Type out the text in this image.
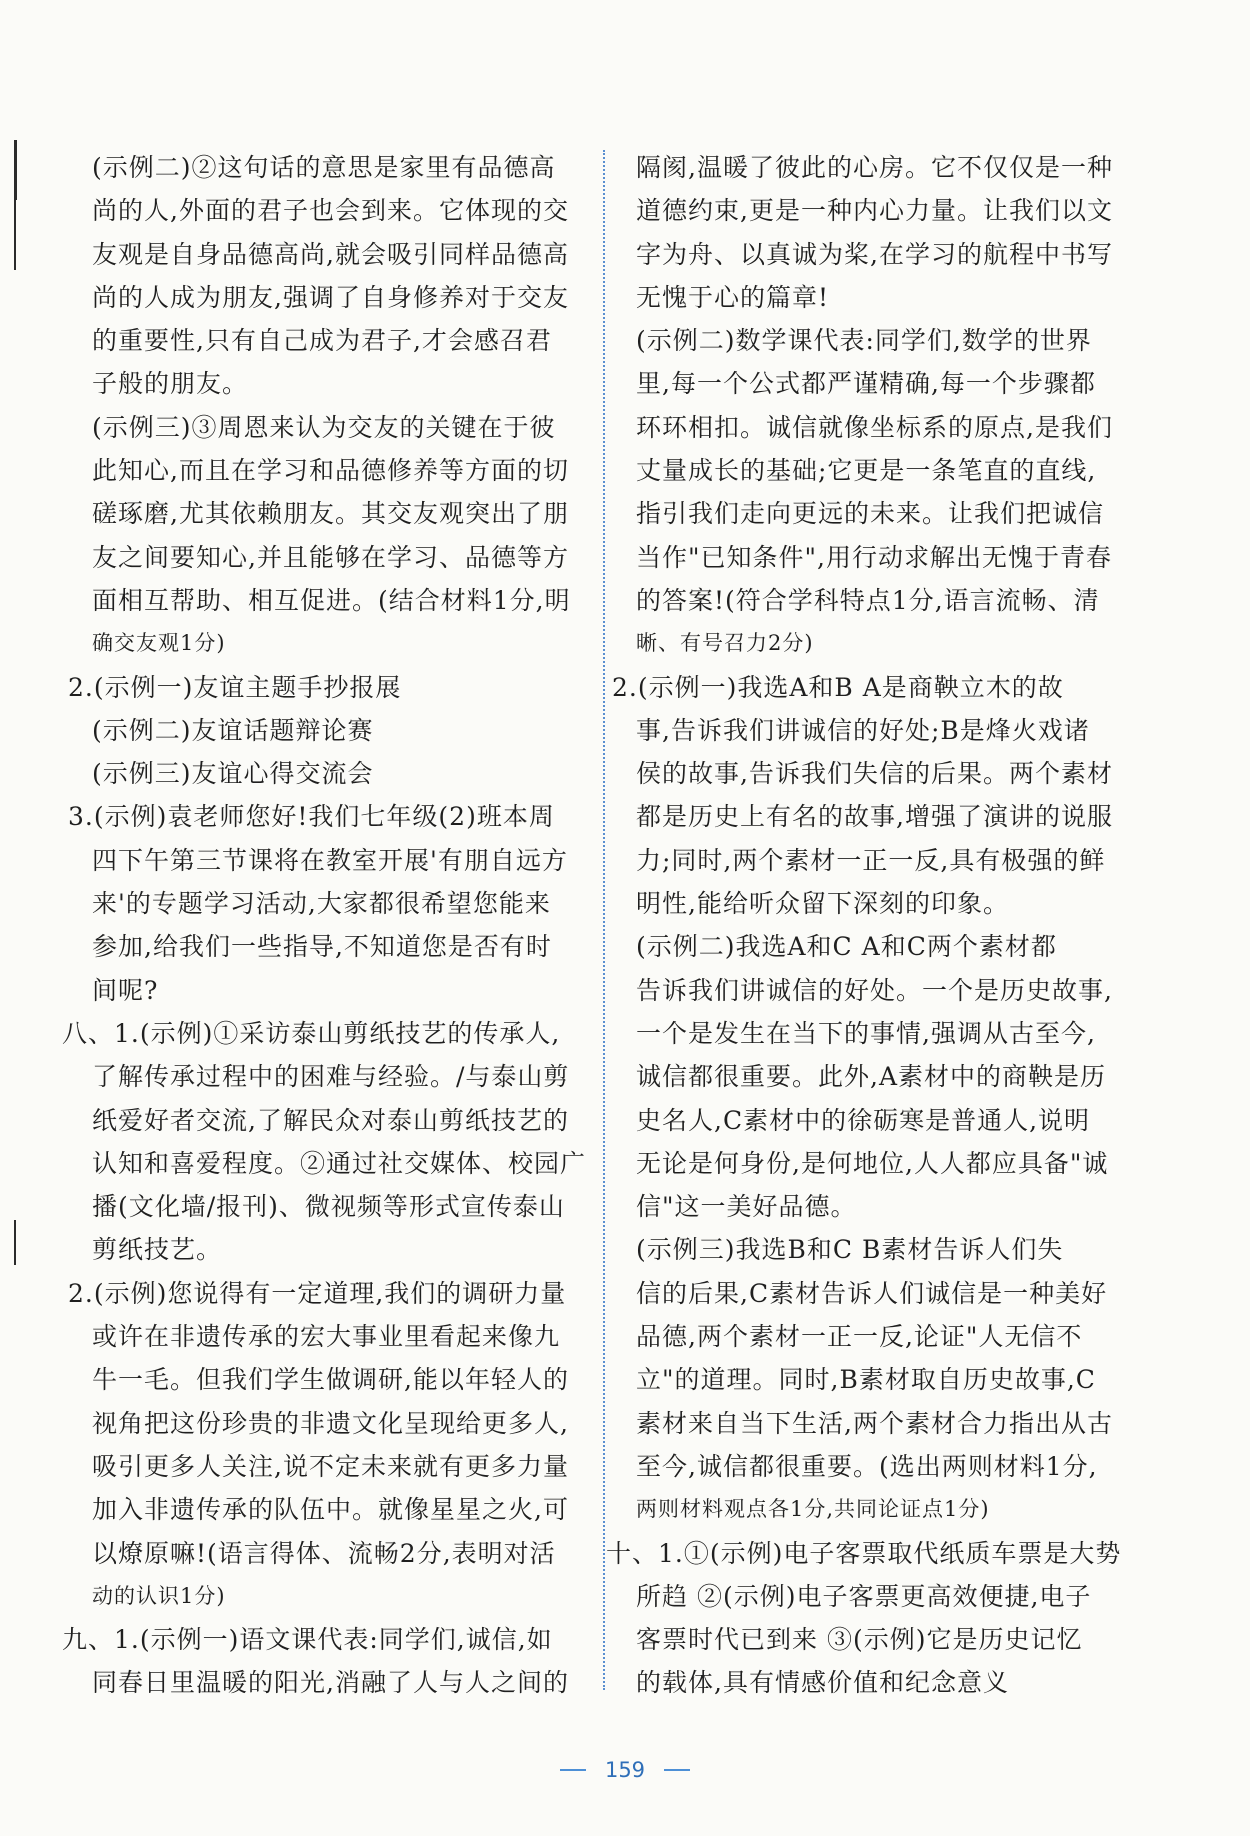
(示例二)②这句话的意思是家里有品德高
尚的人,外面的君子也会到来。它体现的交
友观是自身品德高尚,就会吸引同样品德高
尚的人成为朋友,强调了自身修养对于交友
的重要性,只有自己成为君子,才会感召君
子般的朋友。
(示例三)③周恩来认为交友的关键在于彼
此知心,而且在学习和品德修养等方面的切
磋琢磨,尤其依赖朋友。其交友观突出了朋
友之间要知心,并且能够在学习、品德等方
面相互帮助、相互促进。(结合材料1分,明
确交友观1分)
2.(示例一)友谊主题手抄报展
(示例二)友谊话题辩论赛
(示例三)友谊心得交流会
3.(示例)袁老师您好!我们七年级(2)班本周
四下午第三节课将在教室开展'有朋自远方
来'的专题学习活动,大家都很希望您能来
参加,给我们一些指导,不知道您是否有时
间呢?
八、1.(示例)①采访泰山剪纸技艺的传承人,
了解传承过程中的困难与经验。/与泰山剪
纸爱好者交流,了解民众对泰山剪纸技艺的
认知和喜爱程度。②通过社交媒体、校园广
播(文化墙/报刊)、微视频等形式宣传泰山
剪纸技艺。
2.(示例)您说得有一定道理,我们的调研力量
或许在非遗传承的宏大事业里看起来像九
牛一毛。但我们学生做调研,能以年轻人的
视角把这份珍贵的非遗文化呈现给更多人,
吸引更多人关注,说不定未来就有更多力量
加入非遗传承的队伍中。就像星星之火,可
以燎原嘛!(语言得体、流畅2分,表明对活
动的认识1分)
九、1.(示例一)语文课代表:同学们,诚信,如
同春日里温暖的阳光,消融了人与人之间的
隔阂,温暖了彼此的心房。它不仅仅是一种
道德约束,更是一种内心力量。让我们以文
字为舟、以真诚为桨,在学习的航程中书写
无愧于心的篇章!
(示例二)数学课代表:同学们,数学的世界
里,每一个公式都严谨精确,每一个步骤都
环环相扣。诚信就像坐标系的原点,是我们
丈量成长的基础;它更是一条笔直的直线,
指引我们走向更远的未来。让我们把诚信
当作"已知条件",用行动求解出无愧于青春
的答案!(符合学科特点1分,语言流畅、清
晰、有号召力2分)
2.(示例一)我选A和B A是商鞅立木的故
事,告诉我们讲诚信的好处;B是烽火戏诸
侯的故事,告诉我们失信的后果。两个素材
都是历史上有名的故事,增强了演讲的说服
力;同时,两个素材一正一反,具有极强的鲜
明性,能给听众留下深刻的印象。
(示例二)我选A和C A和C两个素材都
告诉我们讲诚信的好处。一个是历史故事,
一个是发生在当下的事情,强调从古至今,
诚信都很重要。此外,A素材中的商鞅是历
史名人,C素材中的徐砺寒是普通人,说明
无论是何身份,是何地位,人人都应具备"诚
信"这一美好品德。
(示例三)我选B和C B素材告诉人们失
信的后果,C素材告诉人们诚信是一种美好
品德,两个素材一正一反,论证"人无信不
立"的道理。同时,B素材取自历史故事,C
素材来自当下生活,两个素材合力指出从古
至今,诚信都很重要。(选出两则材料1分,
两则材料观点各1分,共同论证点1分)
十、1.①(示例)电子客票取代纸质车票是大势
所趋 ②(示例)电子客票更高效便捷,电子
客票时代已到来 ③(示例)它是历史记忆
的载体,具有情感价值和纪念意义
159
